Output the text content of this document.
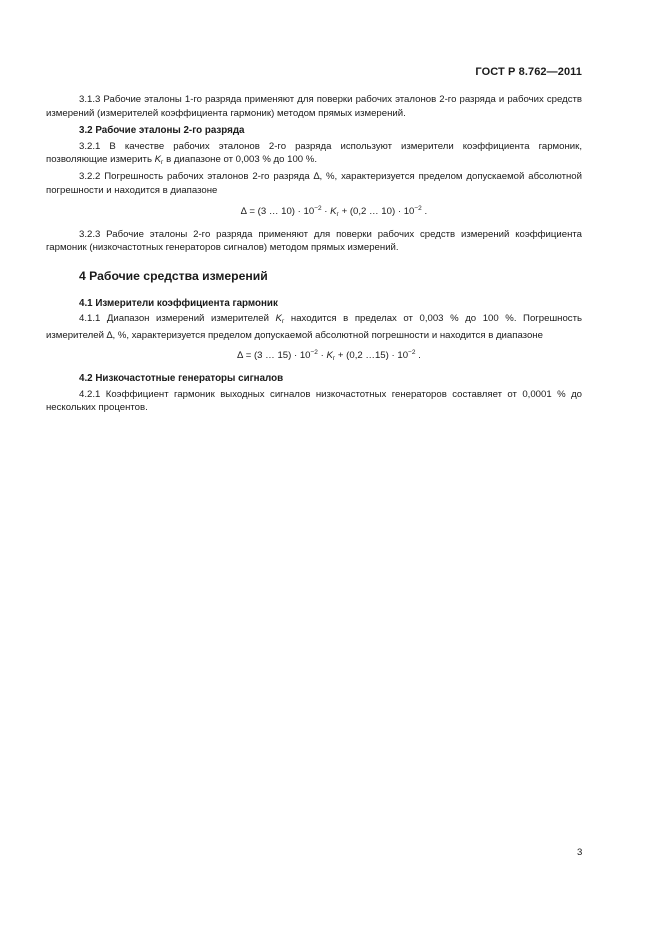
ГОСТ Р 8.762—2011

3.1.3 Рабочие эталоны 1-го разряда применяют для поверки рабочих эталонов 2-го разряда и рабочих средств измерений (измерителей коэффициента гармоник) методом прямых измерений.

3.2 Рабочие эталоны 2-го разряда

3.2.1 В качестве рабочих эталонов 2-го разряда используют измерители коэффициента гармоник, позволяющие измерить $K_г$ в диапазоне от 0,003 % до 100 %.

3.2.2 Погрешность рабочих эталонов 2-го разряда ∆, %, характеризуется пределом допускаемой абсолютной погрешности и находится в диапазоне

∆ = (3 … $10) \cdot 10^{-2} \cdot K_г + (0,2$ … $10) \cdot 10^{-2}$ .

3.2.3 Рабочие эталоны 2-го разряда применяют для поверки рабочих средств измерений коэффициента гармоник (низкочастотных генераторов сигналов) методом прямых измерений.

4 Рабочие средства измерений
4.1 Измерители коэффициента гармоник

4.1.1 Диапазон измерений измерителей $K_г$ находится в пределах от 0,003 % до 100 %. Погрешность измерителей ∆, %, характеризуется пределом допускаемой абсолютной погрешности и находится в диапазоне

∆ = (3 … $15) \cdot 10^{-2} \cdot K_г + (0,2$ …15) · $10^{-2}$ .
4.2 Низкочастотные генераторы сигналов

4.2.1 Коэффициент гармоник выходных сигналов низкочастотных генераторов составляет от 0,0001 % до нескольких процентов.

3
